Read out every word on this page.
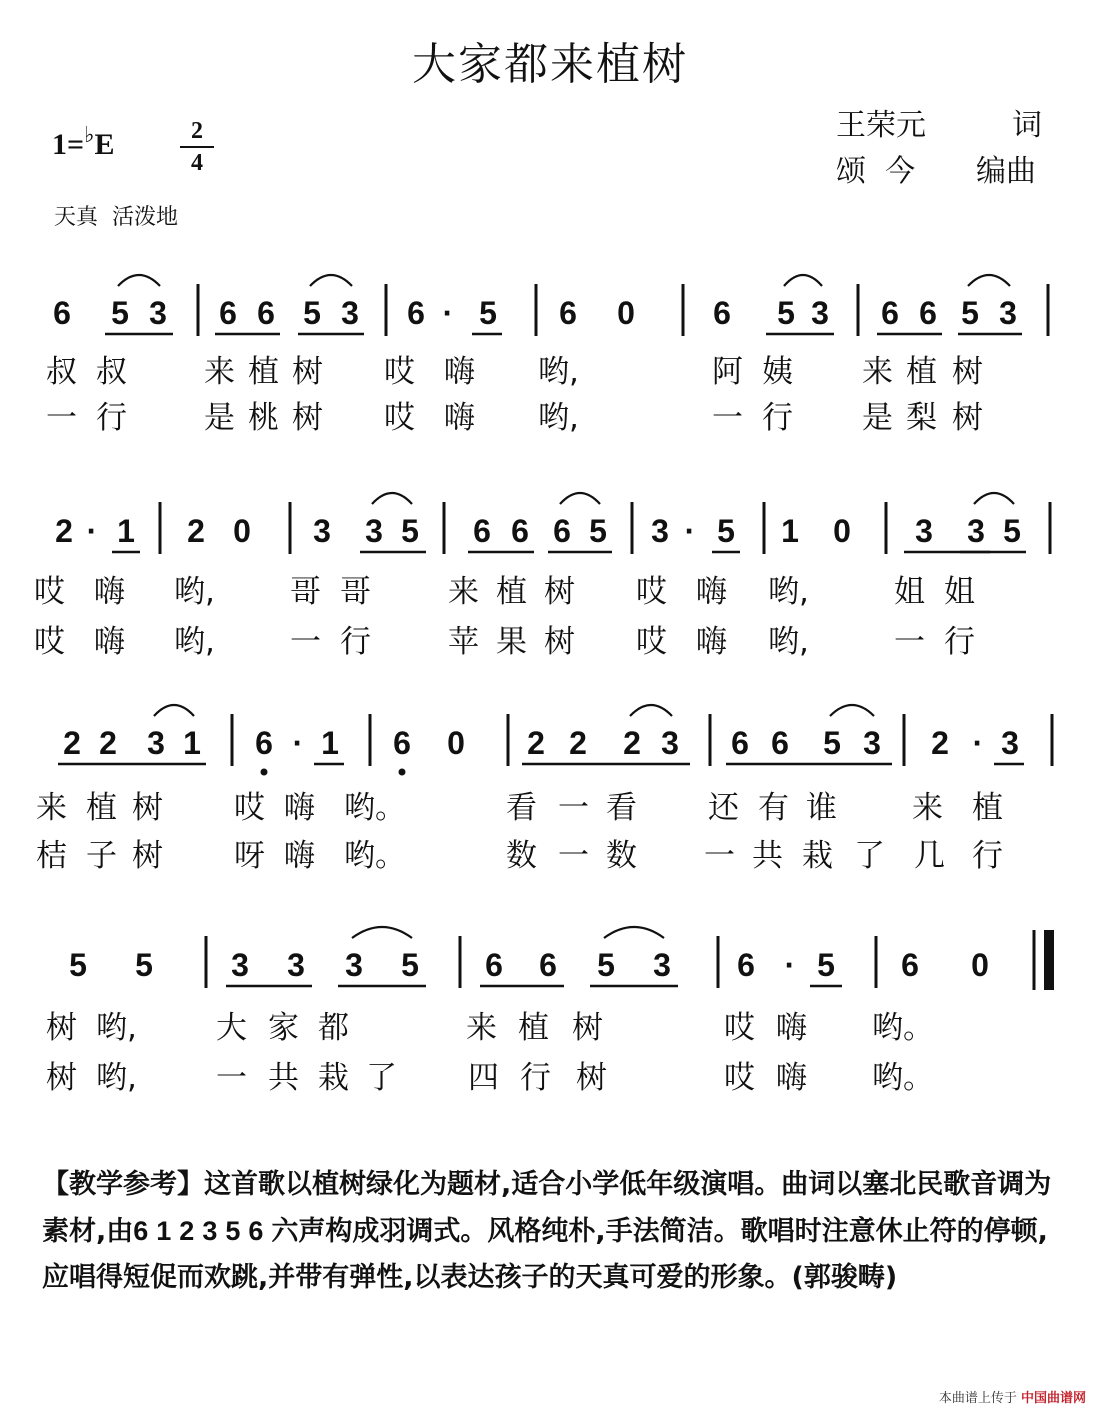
大家都来植树
1=♭E	2
4
王荣元	词
颂  今 编曲
天真  活泼地
6 5 3 6 6 5 3 6 · 5 6 0 6 5 3 6 6 5 3
2 · 1 2 0 3 3 5 6 6 6 5 3 · 5 1 0 3 3 5
2 2 3 1 6 · 1 6 0 2 2 2 3 6 6 5 3 2 · 3
5 5 3 3 3 5 6 6 5 3 6 · 5 6 0
叔 叔 来 植 树 哎 嗨 哟,	阿 姨 来 植 树
一 行 是 桃 树 哎 嗨 哟,	一 行 是 梨 树
哎 嗨 哟, 哥 哥 来 植 树 哎 嗨 哟,	姐 姐
哎 嗨 哟, 一 行 苹 果 树 哎 嗨 哟,	一 行
来 植 树 哎 嗨 哟。	看 一 看 还 有 谁 来 植
桔 子 树 呀 嗨 哟。	数 一 数 一 共 栽 了 几 行
树 哟,	大 家 都	来 植 树	哎 嗨 哟。
树 哟,	一 共 栽 了 四 行 树	哎 嗨 哟。
【教学参考】这首歌以植树绿化为题材,适合小学低年级演唱。曲词以塞北民歌音调为素材,由612356六声构成羽调式。风格纯朴,手法简洁。歌唱时注意休止符的停顿,应唱得短促而欢跳,并带有弹性,以表达孩子的天真可爱的形象。(郭骏畴)
本曲谱上传于 中国曲谱网
